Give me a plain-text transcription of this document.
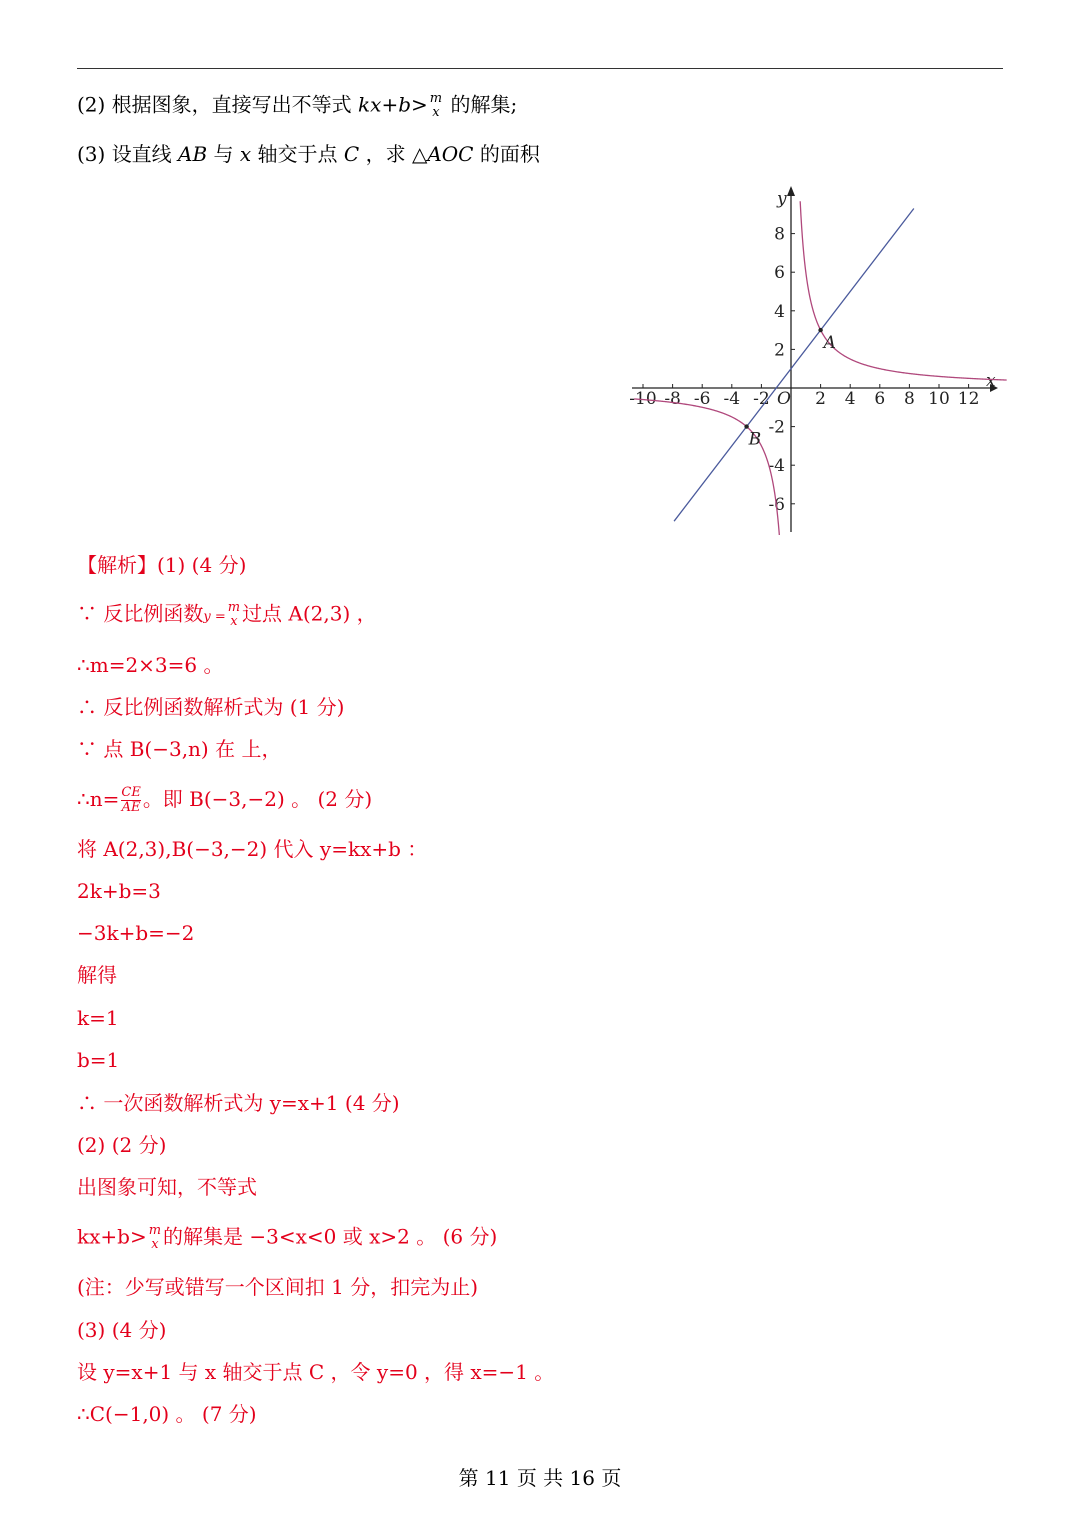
(2) 根据图象，直接写出不等式 kx+b> m
x 的解集;
(3) 设直线 AB 与 x 轴交于点 C ，求 △AOC 的面积
-10 -8 -6 -4 -2	2 4 6 8 10 12
8
6
4
2
-2
-4
-6
x
y
O
A
B
【解析】(1) (4 分)
∵ 反比例函数y =
m
x 过点 A(2,3) ，
∴m=2×3=6 。
∴ 反比例函数解析式为 (1 分)
∵ 点 B(−3,n) 在 上，
∴n= $\frac{CE}{AE}$ 。即 B(−3,−2) 。 (2 分)
将 A(2,3),B(−3,−2) 代入 y=kx+b ：
2k+b=3
−3k+b=−2
解得
k=1
b=1
∴ 一次函数解析式为 y=x+1 (4 分)
(2) (2 分)
出图象可知，不等式
kx+b> m
x 的解集是 −3<x<0 或 x>2 。 (6 分)
(注：少写或错写一个区间扣 1 分，扣完为止)
(3) (4 分)
设 y=x+1 与 x 轴交于点 C ，令 y=0 ，得 x=−1 。
∴C(−1,0) 。 (7 分)
第 11 页 共 16 页
